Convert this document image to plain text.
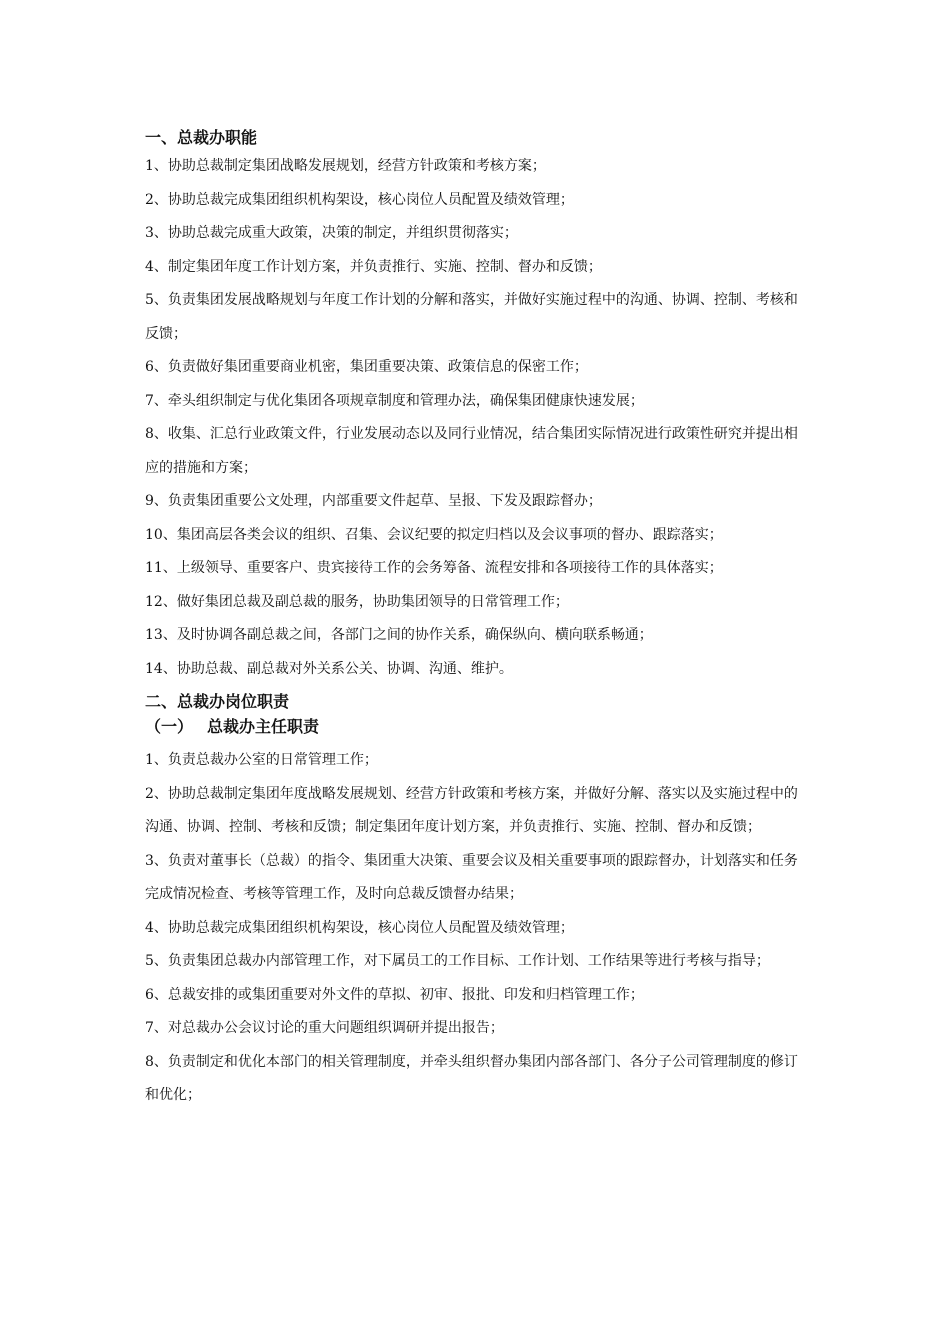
一、总裁办职能
1、协助总裁制定集团战略发展规划，经营方针政策和考核方案；
2、协助总裁完成集团组织机构架设，核心岗位人员配置及绩效管理；
3、协助总裁完成重大政策，决策的制定，并组织贯彻落实；
4、制定集团年度工作计划方案，并负责推行、实施、控制、督办和反馈；
5、负责集团发展战略规划与年度工作计划的分解和落实，并做好实施过程中的沟通、协调、控制、考核和反馈；
6、负责做好集团重要商业机密，集团重要决策、政策信息的保密工作；
7、牵头组织制定与优化集团各项规章制度和管理办法，确保集团健康快速发展；
8、收集、汇总行业政策文件，行业发展动态以及同行业情况，结合集团实际情况进行政策性研究并提出相应的措施和方案；
9、负责集团重要公文处理，内部重要文件起草、呈报、下发及跟踪督办；
10、集团高层各类会议的组织、召集、会议纪要的拟定归档以及会议事项的督办、跟踪落实；
11、上级领导、重要客户、贵宾接待工作的会务筹备、流程安排和各项接待工作的具体落实；
12、做好集团总裁及副总裁的服务，协助集团领导的日常管理工作；
13、及时协调各副总裁之间，各部门之间的协作关系，确保纵向、横向联系畅通；
14、协助总裁、副总裁对外关系公关、协调、沟通、维护。
二、总裁办岗位职责
（一） 总裁办主任职责
1、负责总裁办公室的日常管理工作；
2、协助总裁制定集团年度战略发展规划、经营方针政策和考核方案，并做好分解、落实以及实施过程中的沟通、协调、控制、考核和反馈；制定集团年度计划方案，并负责推行、实施、控制、督办和反馈；
3、负责对董事长（总裁）的指令、集团重大决策、重要会议及相关重要事项的跟踪督办，计划落实和任务完成情况检查、考核等管理工作，及时向总裁反馈督办结果；
4、协助总裁完成集团组织机构架设，核心岗位人员配置及绩效管理；
5、负责集团总裁办内部管理工作，对下属员工的工作目标、工作计划、工作结果等进行考核与指导；
6、总裁安排的或集团重要对外文件的草拟、初审、报批、印发和归档管理工作；
7、对总裁办公会议讨论的重大问题组织调研并提出报告；
8、负责制定和优化本部门的相关管理制度，并牵头组织督办集团内部各部门、各分子公司管理制度的修订和优化；
